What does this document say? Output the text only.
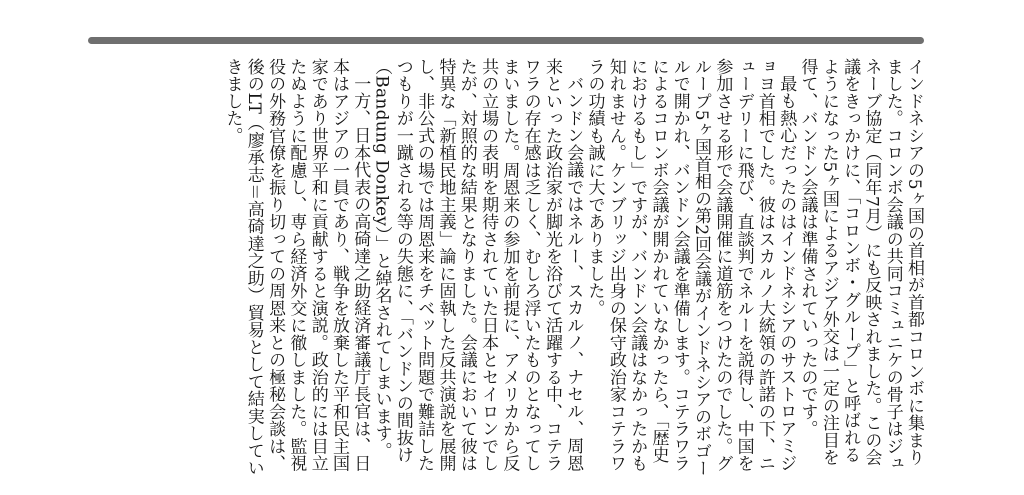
インドネシアの5ヶ国の首相が首都コロンボに集まりました。コロンボ会議の共同コミュニケの骨子はジュネーブ協定（同年7月）にも反映されました。この会議をきっかけに、「コロンボ・グループ」と呼ばれるようになった5ヶ国によるアジア外交は一定の注目を得て、バンドン会議は準備されていったのです。

最も熱心だったのはインドネシアのサストロアミジョヨ首相でした。彼はスカルノ大統領の許諾の下、ニューデリーに飛び、直談判でネルーを説得し、中国を参加させる形で会議開催に道筋をつけたのでした。グループ5ヶ国首相の第2回会議がインドネシアのボゴールで開かれ、バンドン会議を準備します。コテラワラによるコロンボ会議が開かれていなかったら、「歴史におけるもし」ですが、バンドン会議はなかったかも知れません。ケンブリッジ出身の保守政治家コテラワラの功績も誠に大でありました。

バンドン会議ではネルー、スカルノ、ナセル、周恩来といった政治家が脚光を浴びて活躍する中、コテラワラの存在感は乏しく、むしろ浮いたものとなってしまいました。周恩来の参加を前提に、アメリカから反共の立場の表明を期待されていた日本とセイロンでしたが、対照的な結果となりました。会議において彼は特異な「新植民地主義」論に固執した反共演説を展開し、非公式の場では周恩来をチベット問題で難詰したつもりが一蹴される等の失態に、「バンドンの間抜け（Bandung Donkey）」と綽名されてしまいます。

一方、日本代表の高碕達之助経済審議庁長官は、日本はアジアの一員であり、戦争を放棄した平和民主国家であり世界平和に貢献すると演説。政治的には目立たぬように配慮し、専ら経済外交に徹しました。監視役の外務官僚を振り切っての周恩来との極秘会談は、後のLT（廖承志＝高碕達之助）貿易として結実していきました。
